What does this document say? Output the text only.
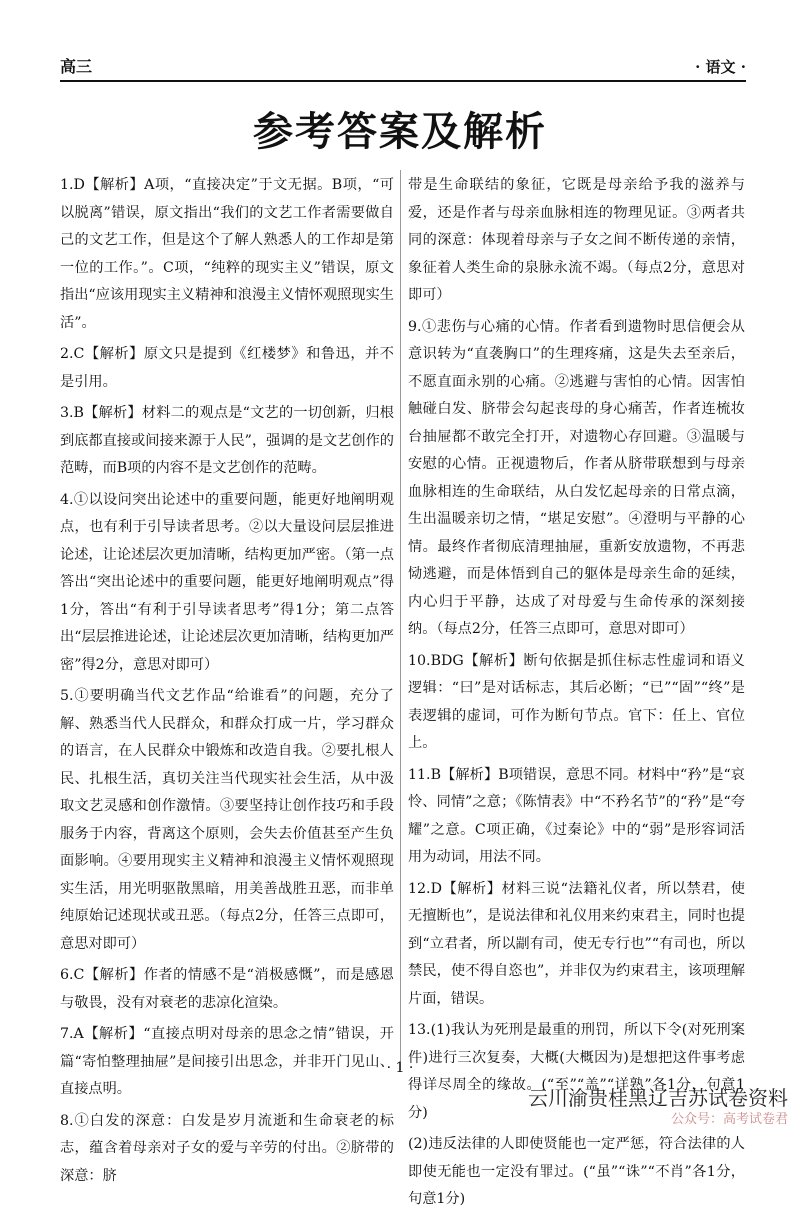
高三	· 语文 ·
参考答案及解析

1.D【解析】A项，“直接决定”于文无据。B项，“可以脱离”错误，原文指出“我们的文艺工作者需要做自己的文艺工作，但是这个了解人熟悉人的工作却是第一位的工作。”。C项，“纯粹的现实主义”错误，原文指出“应该用现实主义精神和浪漫主义情怀观照现实生活”。

2.C【解析】原文只是提到《红楼梦》和鲁迅，并不是引用。

3.B【解析】材料二的观点是“文艺的一切创新，归根到底都直接或间接来源于人民”，强调的是文艺创作的范畴，而B项的内容不是文艺创作的范畴。

4.①以设问突出论述中的重要问题，能更好地阐明观点，也有利于引导读者思考。②以大量设问层层推进论述，让论述层次更加清晰，结构更加严密。（第一点答出“突出论述中的重要问题，能更好地阐明观点”得1分，答出“有利于引导读者思考”得1分；第二点答出“层层推进论述，让论述层次更加清晰，结构更加严密”得2分，意思对即可）

5.①要明确当代文艺作品“给谁看”的问题，充分了解、熟悉当代人民群众，和群众打成一片，学习群众的语言，在人民群众中锻炼和改造自我。②要扎根人民、扎根生活，真切关注当代现实社会生活，从中汲取文艺灵感和创作激情。③要坚持让创作技巧和手段服务于内容，背离这个原则，会失去价值甚至产生负面影响。④要用现实主义精神和浪漫主义情怀观照现实生活，用光明驱散黑暗，用美善战胜丑恶，而非单纯原始记述现状或丑恶。（每点2分，任答三点即可，意思对即可）

6.C【解析】作者的情感不是“消极感慨”，而是感恩与敬畏，没有对衰老的悲凉化渲染。

7.A【解析】“直接点明对母亲的思念之情”错误，开篇“寄怕整理抽屉”是间接引出思念，并非开门见山、直接点明。

8.①白发的深意：白发是岁月流逝和生命衰老的标志，蕴含着母亲对子女的爱与辛劳的付出。②脐带的深意：脐

带是生命联结的象征，它既是母亲给予我的滋养与爱，还是作者与母亲血脉相连的物理见证。③两者共同的深意：体现着母亲与子女之间不断传递的亲情，象征着人类生命的泉脉永流不竭。（每点2分，意思对即可）

9.①悲伤与心痛的心情。作者看到遗物时思信便会从意识转为“直袭胸口”的生理疼痛，这是失去至亲后，不愿直面永别的心痛。②逃避与害怕的心情。因害怕触碰白发、脐带会勾起丧母的身心痛苦，作者连梳妆台抽屉都不敢完全打开，对遗物心存回避。③温暖与安慰的心情。正视遗物后，作者从脐带联想到与母亲血脉相连的生命联结，从白发忆起母亲的日常点滴，生出温暖亲切之情，“堪足安慰”。④澄明与平静的心情。最终作者彻底清理抽屉，重新安放遗物，不再悲恸逃避，而是体悟到自己的躯体是母亲生命的延续，内心归于平静，达成了对母爱与生命传承的深刻接纳。（每点2分，任答三点即可，意思对即可）

10.BDG【解析】断句依据是抓住标志性虚词和语义逻辑：“曰”是对话标志，其后必断；“已”“固”“终”是表逻辑的虚词，可作为断句节点。官下：任上、官位上。

11.B【解析】B项错误，意思不同。材料中“矜”是“哀怜、同情”之意；《陈情表》中“不矜名节”的“矜”是“夸耀”之意。C项正确，《过秦论》中的“弱”是形容词活用为动词，用法不同。

12.D【解析】材料三说“法籍礼仪者，所以禁君，使无擅断也”，是说法律和礼仪用来约束君主，同时也提到“立君者，所以剬有司，使无专行也”“有司也，所以禁民，使不得自恣也”，并非仅为约束君主，该项理解片面，错误。

13.(1)我认为死刑是最重的刑罚，所以下令(对死刑案件)进行三次复奏，大概(大概因为)是想把这件事考虑得详尽周全的缘故。(“至”“盖”“详熟”各1分，句意1分)

(2)违反法律的人即使贤能也一定严惩，符合法律的人即使无能也一定没有罪过。(“虽”“诛”“不肖”各1分，句意1分)

· 1 ·
云川渝贵桂黑辽吉苏试卷资料
公众号：高考试卷君
